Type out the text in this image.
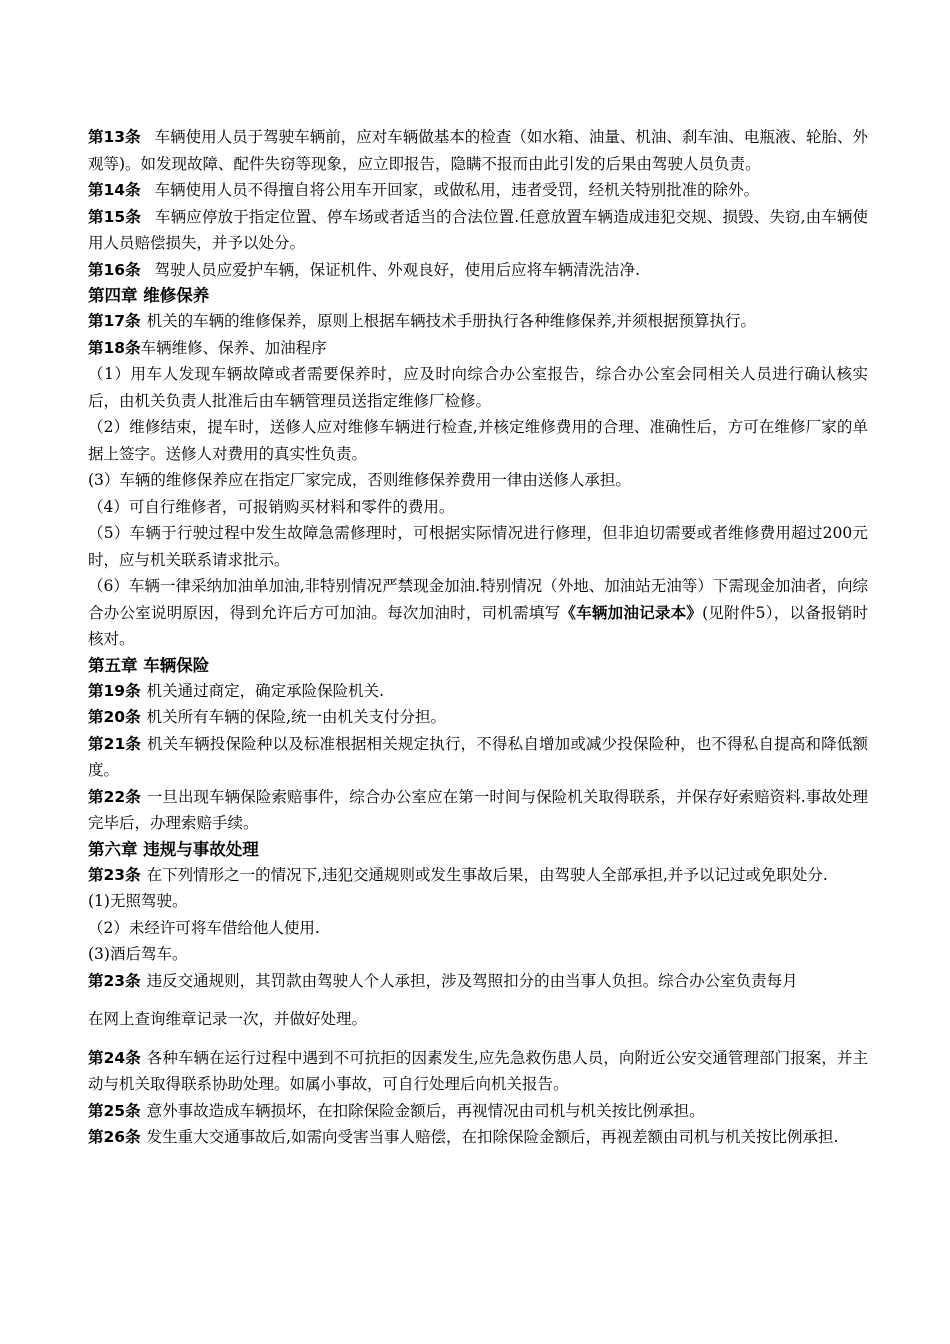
第13条 车辆使用人员于驾驶车辆前，应对车辆做基本的检查（如水箱、油量、机油、刹车油、电瓶液、轮胎、外观等)。如发现故障、配件失窃等现象，应立即报告，隐瞒不报而由此引发的后果由驾驶人员负责。

第14条 车辆使用人员不得擅自将公用车开回家，或做私用，违者受罚，经机关特别批准的除外。

第15条 车辆应停放于指定位置、停车场或者适当的合法位置.任意放置车辆造成违犯交规、损毁、失窃,由车辆使用人员赔偿损失，并予以处分。

第16条 驾驶人员应爱护车辆，保证机件、外观良好，使用后应将车辆清洗洁净.

第四章 维修保养

第17条 机关的车辆的维修保养，原则上根据车辆技术手册执行各种维修保养,并须根据预算执行。

第18条车辆维修、保养、加油程序

（1）用车人发现车辆故障或者需要保养时，应及时向综合办公室报告，综合办公室会同相关人员进行确认核实后，由机关负责人批准后由车辆管理员送指定维修厂检修。

（2）维修结束，提车时，送修人应对维修车辆进行检查,并核定维修费用的合理、准确性后，方可在维修厂家的单据上签字。送修人对费用的真实性负责。

(3）车辆的维修保养应在指定厂家完成，否则维修保养费用一律由送修人承担。

（4）可自行维修者，可报销购买材料和零件的费用。

（5）车辆于行驶过程中发生故障急需修理时，可根据实际情况进行修理，但非迫切需要或者维修费用超过200元时，应与机关联系请求批示。

（6）车辆一律采纳加油单加油,非特别情况严禁现金加油.特别情况（外地、加油站无油等）下需现金加油者，向综合办公室说明原因，得到允许后方可加油。每次加油时，司机需填写《车辆加油记录本》(见附件5），以备报销时核对。

第五章 车辆保险

第19条 机关通过商定，确定承险保险机关.

第20条 机关所有车辆的保险,统一由机关支付分担。

第21条 机关车辆投保险种以及标准根据相关规定执行，不得私自增加或减少投保险种，也不得私自提高和降低额度。

第22条 一旦出现车辆保险索赔事件，综合办公室应在第一时间与保险机关取得联系，并保存好索赔资料.事故处理完毕后，办理索赔手续。

第六章 违规与事故处理

第23条 在下列情形之一的情况下,违犯交通规则或发生事故后果，由驾驶人全部承担,并予以记过或免职处分.

(1)无照驾驶。

（2）未经许可将车借给他人使用.

(3)酒后驾车。

第23条 违反交通规则，其罚款由驾驶人个人承担，涉及驾照扣分的由当事人负担。综合办公室负责每月

在网上查询维章记录一次，并做好处理。

第24条 各种车辆在运行过程中遇到不可抗拒的因素发生,应先急救伤患人员，向附近公安交通管理部门报案，并主动与机关取得联系协助处理。如属小事故，可自行处理后向机关报告。

第25条 意外事故造成车辆损坏，在扣除保险金额后，再视情况由司机与机关按比例承担。

第26条 发生重大交通事故后,如需向受害当事人赔偿，在扣除保险金额后，再视差额由司机与机关按比例承担.
